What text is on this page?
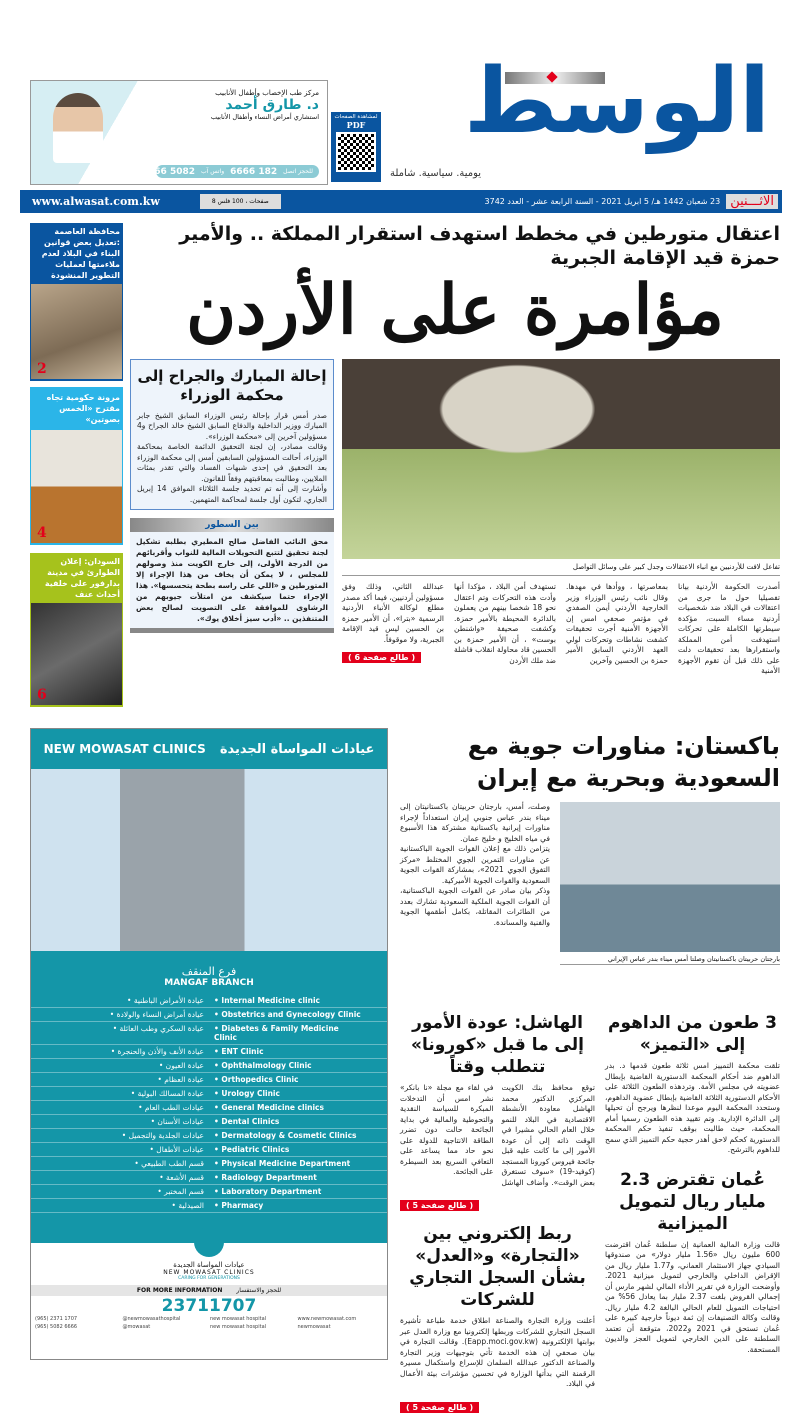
مركز طب الإخصاب وأطفال الأنابيب
د. طارق أحمد
استشاري أمراض النساء وأطفال الأنابيب
للحجز اتصل
182 6666
واتس آب
5082 6666
لمشاهدة الصفحات
PDF الوسط
يومية. سياسية. شاملة
www.alwasat.com.kw	8 صفحات ، 100 فلس	23 شعبان 1442 هـ/ 5 ابريل 2021 - السنة الرابعة عشر - العدد 3742 الاثـــنين
محافظة العاصمة :تعديل بعض قوانين البناء في البلاد لعدم ملاءمتها لعمليات التطوير المنشودة
2
مرونة حكومية تجاه مقترح «الخمس بصوتين»
4
السودان: إعلان الطوارئ في مدينة بدارفور على خلفية أحداث عنف
6
اعتقال متورطين في مخطط استهدف استقرار المملكة .. والأمير حمزة قيد الإقامة الجبرية
مؤامرة على الأردن
إحالة المبارك والجراح إلى محكمة الوزراء

صدر أمس قرار بإحالة رئيس الوزراء السابق الشيخ جابر المبارك ووزير الداخلية والدفاع السابق الشيخ خالد الجراح و4 مسؤولين آخرين إلى «محكمة الوزراء».

وقالت مصادر، إن لجنة التحقيق الدائمة الخاصة بمحاكمة الوزراء، أحالت المسؤولين السابقين أمس إلى محكمة الوزراء بعد التحقيق في إحدى شبهات الفساد والتي تقدر بمئات الملايين، وطالبت بمعاقبتهم وفقاً للقانون.

وأشارت إلى أنه تم تحديد جلسة الثلاثاء الموافق 14 إبريل الجاري، لتكون أول جلسة لمحاكمة المتهمين.

بين السطور

محق النائب الفاضل صالح المطيري بطلبه تشكيل لجنة تحقيق لتتبع التحويلات المالية للنواب وأقربائهم من الدرجة الأولى، إلى خارج الكويت منذ وصولهم للمجلس ، لا يمكن أن يخاف من هذا الإجراء إلا المتورطين و «اللي على راسه بطحة يتحسسها». هذا الإجراء حتما سيكشف من امتلأت جيوبهم من الرشاوى للموافقة على التصويت لصالح بعض المتنفذين .. «أدب سيز أخلاق يوك».

تفاعل لافت للأردنيين مع انباء الاعتقالات وجدل كبير على وسائل التواصل

أصدرت الحكومة الأردنية بيانا تفصيليا حول ما جرى من اعتقالات في البلاد ضد شخصيات أردنية مساء السبت، مؤكدة سيطرتها الكاملة على تحركات استهدفت أمن المملكة واستقرارها بعد تحقيقات دلت على ذلك قبل أن تقوم الأجهزة الأمنية

بمعاصرتها ، ووأدها في مهدها. وقال نائب رئيس الوزراء وزير الخارجية الأردني أيمن الصفدي في مؤتمر صحفي امس إن الأجهزة الأمنية أجرت تحقيقات كشفت نشاطات وتحركات لولي العهد الأردني السابق الأمير حمزة بن الحسين وآخرين

تستهدف أمن البلاد ، مؤكدا أنها وأدت هذه التحركات وتم اعتقال نحو 18 شخصا بينهم من يعملون بالدائرة المحيطة بالأمير حمزة. وكشفت صحيفة «واشنطن بوست» ، أن الأمير حمزة بن الحسين قاد محاولة انقلاب فاشلة ضد ملك الأردن

عبدالله الثاني، وذلك وفق مسؤولين أردنيين، فيما أكد مصدر مطلع لوكالة الأنباء الأردنية الرسمية «بترا»، أن الأمير حمزة بن الحسين ليس قيد الإقامة الجبرية، ولا موقوفاً.

( طالع صفحة 6 )
NEW MOWASAT CLINICS عيادات المواساة الجديدة
فرع المنقف
MANGAF BRANCH
عيادة الأمراض الباطنية • • Internal Medicine clinic
عيادة أمراض النساء والولادة • • Obstetrics and Gynecology Clinic
عيادة السكري وطب العائلة • • Diabetes & Family Medicine Clinic
عيادة الأنف والأذن والحنجرة • • ENT Clinic
عيادة العيون • • Ophthalmology Clinic
عيادة العظام • • Orthopedics Clinic
عيادة المسالك البولية • • Urology Clinic
عيادات الطب العام • • General Medicine clinics
عيادات الأسنان • • Dental Clinics
عيادات الجلدية والتجميل • • Dermatology & Cosmetic Clinics
عيادات الأطفال • • Pediatric Clinics
قسم الطب الطبيعي • • Physical Medicine Department
قسم الأشعة • • Radiology Department
قسم المختبر • • Laboratory Department
الصيدلية • • Pharmacy
عيادات المواساة الجديدة
NEW MOWASAT CLINICS
CARING FOR GENERATIONS
FOR MORE INFORMATION للحجز والاستفسار
23711707
(965) 2371 1707	@newmowasathospital	new mowasat hospital	www.newmowasat.com
(965) 5082 6666	@mowasat	new mowasat hospital	newmowasat
باكستان: مناورات جوية مع السعودية وبحرية مع إيران

وصلت، أمس، بارجتان حربيتان باكستانيتان إلى ميناء بندر عباس جنوبي إيران استعداداً لإجراء مناورات إيرانية باكستانية مشتركة هذا الأسبوع في مياه الخليج و خليج عمان.

يتزامن ذلك مع إعلان القوات الجوية الباكستانية عن مناورات التمرين الجوي المختلط «مركز التفوق الجوي 2021»، بمشاركة القوات الجوية السعودية والقوات الجوية الأميركية.

وذكر بيان صادر عن القوات الجوية الباكستانية، أن القوات الجوية الملكية السعودية تشارك بعدد من الطائرات المقاتلة، بكامل أطقمها الجوية والفنية والمساندة.

بارجتان حربيتان باكستانيتان وصلتا أمس ميناء بندر عباس الإيراني
3 طعون من الداهوم إلى «التميز»

تلقت محكمة التمييز امس ثلاثة طعون قدمها د. بدر الداهوم ضد أحكام المحكمة الدستورية القاضية بإبطال عضويته في مجلس الأمة. وتردهذه الطعون الثلاثة على الأحكام الدستورية الثلاثة القاضية بإبطال عضوية الداهوم، وستحدد المحكمة اليوم موعدا لنظرها ويرجح أن تحيلها إلى الدائرة الإدارية. وتم تقييد هذه الطعون رسميا أمام المحكمة، حيث طالبت بوقف تنفيذ حكم المحكمة الدستورية كحكم لاحق أهدر حجية حكم التمييز الذي سمح للداهوم بالترشح.

عُمان تقترض 2.3 مليار ريال لتمويل الميزانية

قالت وزارة المالية العمانية إن سلطنة عُمان اقترضت 600 مليون ريال «1.56 مليار دولار» من صندوقها السيادي جهاز الاستثمار العماني، و1.77 مليار ريال من الإقراض الداخلي والخارجي لتمويل ميزانية 2021. وأوضحت الوزارة في تقرير الأداء المالي لشهر مارس أن إجمالي القروض بلغت 2.37 مليار بما يعادل 56% من احتياجات التمويل للعام الحالي البالغة 4.2 مليار ريال. وقالت وكالة التصنيفات إن ثمة ديوناً خارجية كبيرة على عُمان تستحق في 2021 و2022، متوقعة أن تعتمد السلطنة على الدين الخارجي لتمويل العجز والديون المستحقة.

الهاشل: عودة الأمور إلى ما قبل «كورونا» تتطلب وقتاً

توقع محافظ بنك الكويت المركزي الدكتور محمد الهاشل معاودة الأنشطة الاقتصادية في البلاد للنمو خلال العام الحالي مشيرا في الوقت ذاته إلى أن عودة الأمور إلى ما كانت عليه قبل جائحة فيروس كورونا المستجد (كوفيد-19) «سوف تستغرق بعض الوقت». وأضاف الهاشل في لقاء مع مجلة «نا بانكر» نشر امس أن التدخلات المبكرة للسياسة النقدية والتحوطية والمالية في بداية الجائحة حالت دون تضرر الطاقة الانتاجية للدولة على نحو حاد مما يساعد على التعافي السريع بعد السيطرة على الجائحة.

( طالع صفحة 5 )
ربط إلكتروني بين «التجارة» و«العدل» بشأن السجل التجاري للشركات

أعلنت وزارة التجارة والصناعة اطلاق خدمة طباعة تأشيرة السجل التجاري للشركات وربطها إلكترونيا مع وزارة العدل عبر بوابتها الإلكترونية (Eapp.moci.gov.kw). وقالت التجارة في بيان صحفي إن هذه الخدمة تأتي بتوجيهات وزير التجارة والصناعة الدكتور عبدالله السلمان للإسراع واستكمال مسيرة الرقمنة التي بدأتها الوزارة في تحسين مؤشرات بيئة الأعمال في البلاد.

( طالع صفحة 5 )
